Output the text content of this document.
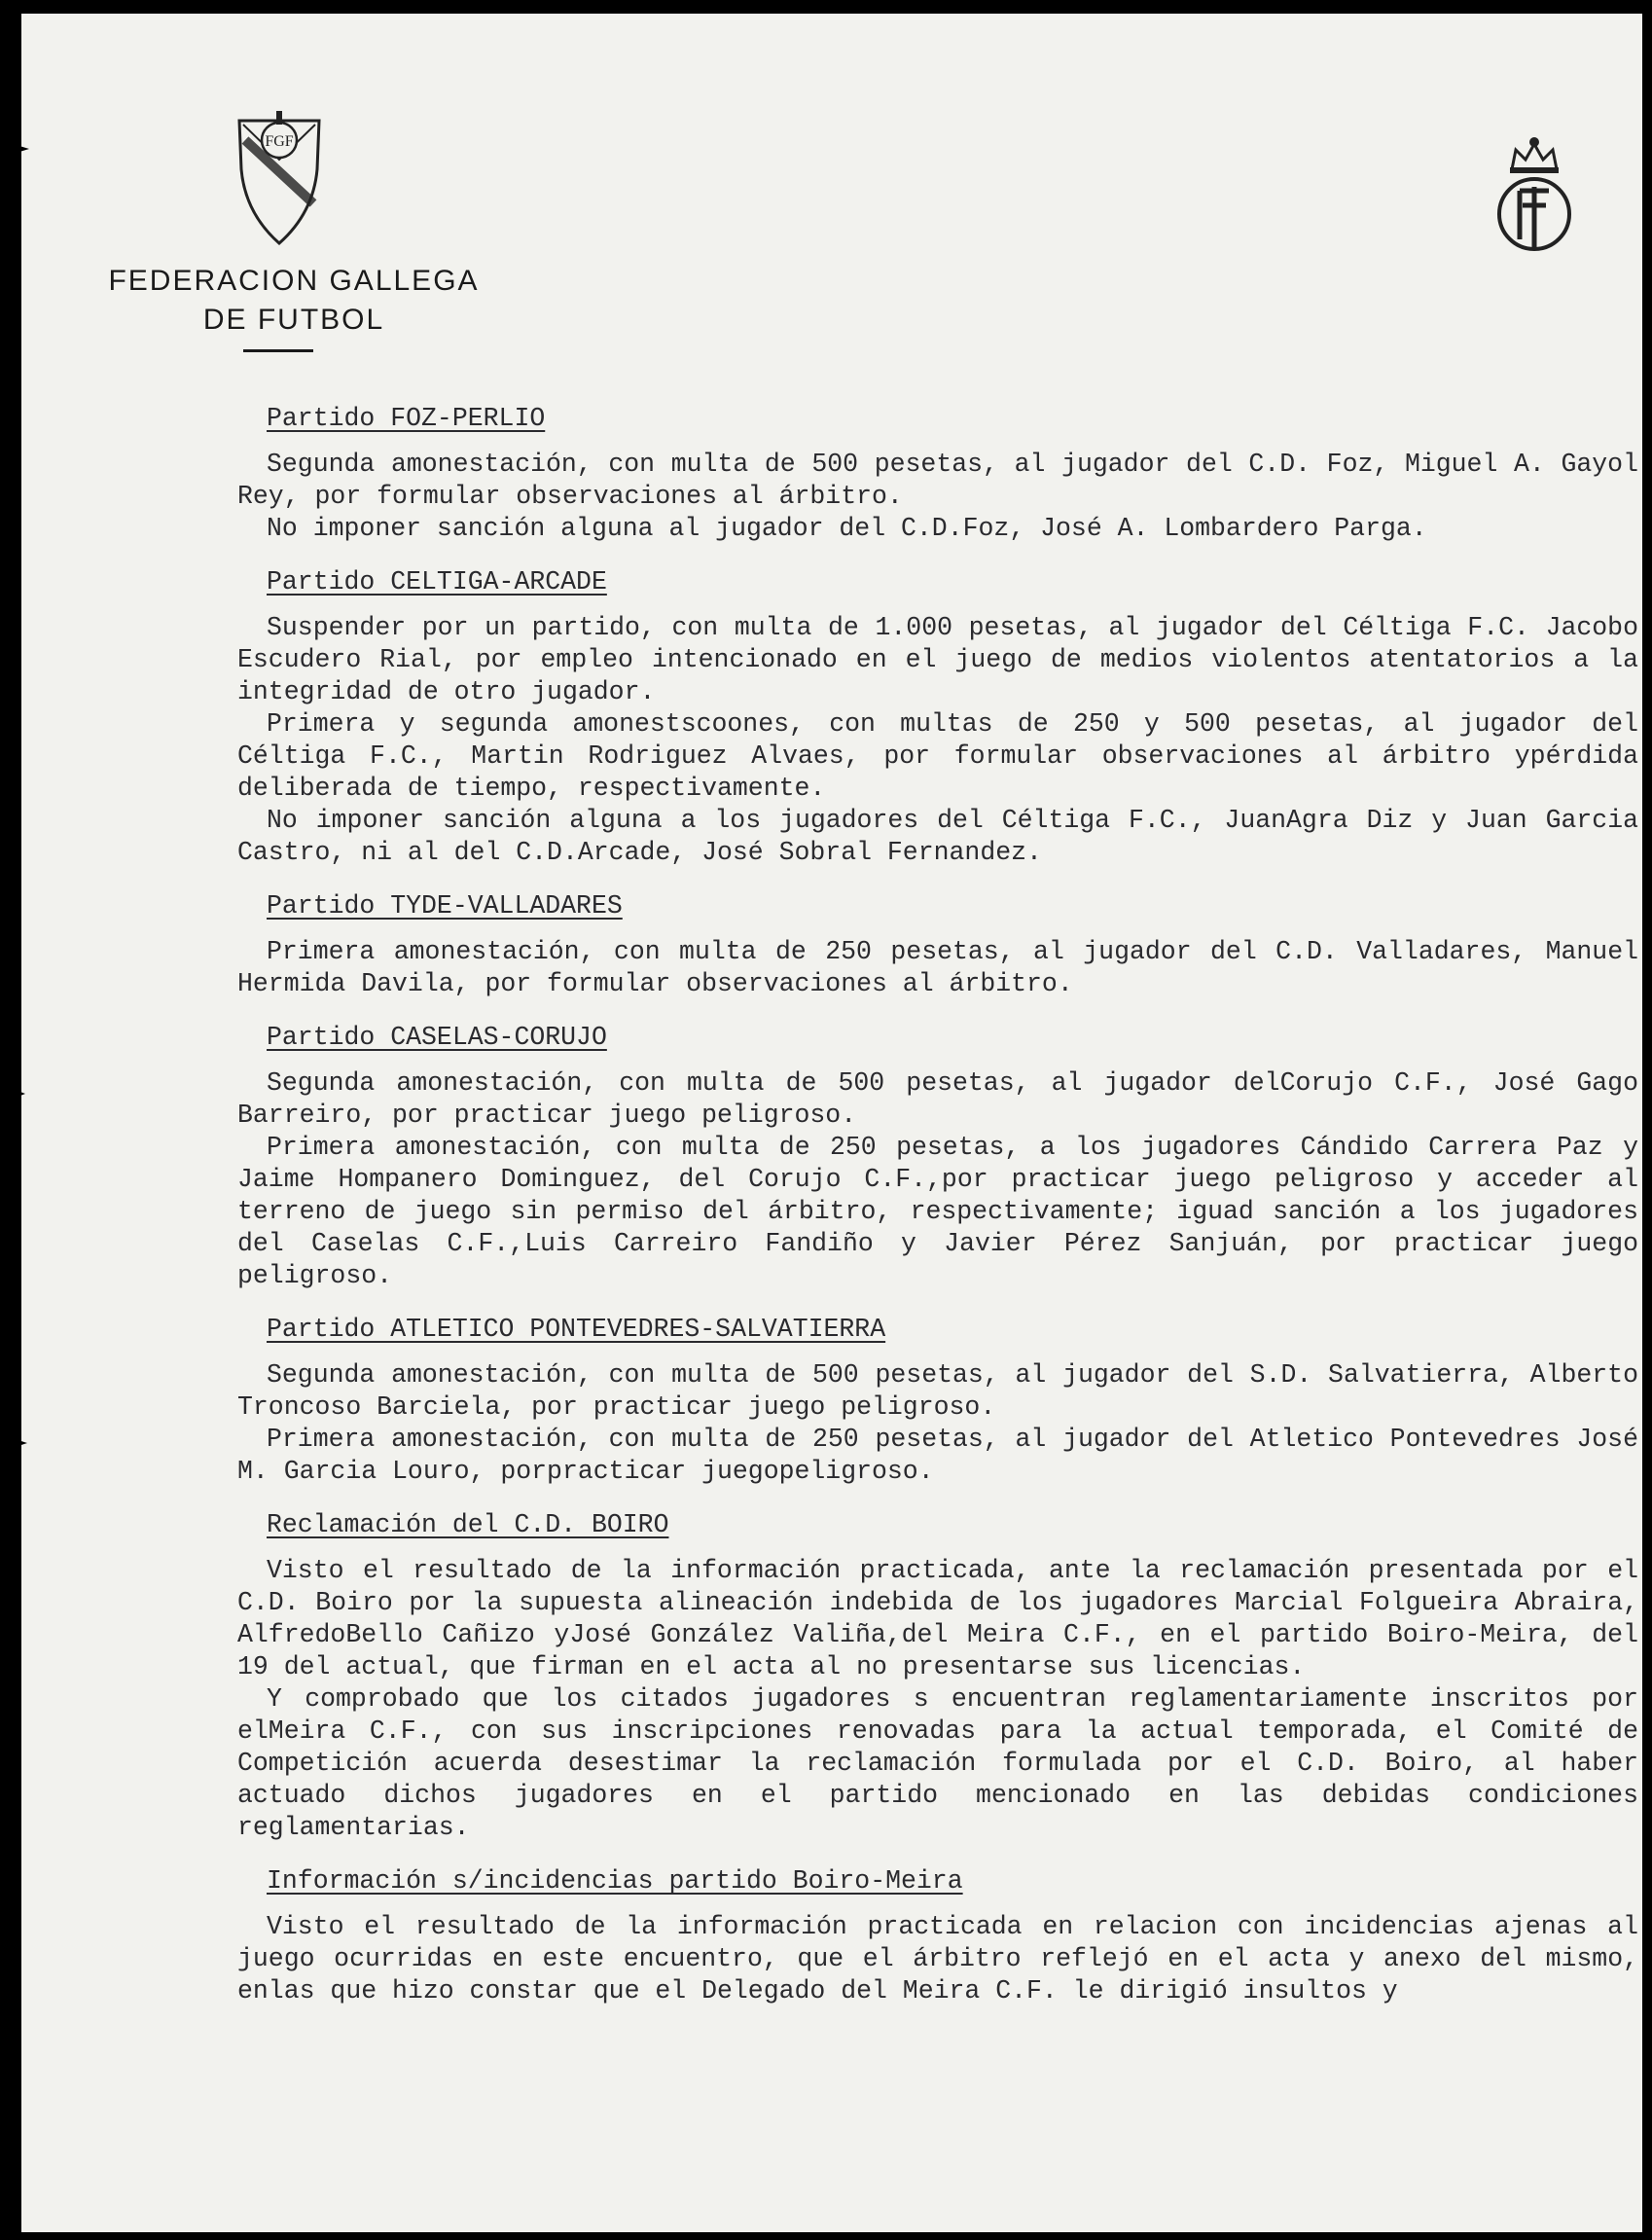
FGF
FEDERACION GALLEGA
DE FUTBOL
Partido FOZ-PERLIO

Segunda amonestación, con multa de 500 pesetas, al jugador del C.D. Foz, Miguel A. Gayol Rey, por formular observaciones al árbitro.

No imponer sanción alguna al jugador del C.D.Foz, José A. Lombardero Parga.

Partido CELTIGA-ARCADE

Suspender por un partido, con multa de 1.000 pesetas, al jugador del Céltiga F.C. Jacobo Escudero Rial, por empleo intencionado en el juego de medios violentos atentatorios a la integridad de otro jugador.

Primera y segunda amonestscoones, con multas de 250 y 500 pesetas, al jugador del Céltiga F.C., Martin Rodriguez Alvaes, por formular observaciones al árbitro ypérdida deliberada de tiempo, respectivamente.

No imponer sanción alguna a los jugadores del Céltiga F.C., JuanAgra Diz y Juan Garcia Castro, ni al del C.D.Arcade, José Sobral Fernandez.

Partido TYDE-VALLADARES

Primera amonestación, con multa de 250 pesetas, al jugador del C.D. Valladares, Manuel Hermida Davila, por formular observaciones al árbitro.

Partido CASELAS-CORUJO

Segunda amonestación, con multa de 500 pesetas, al jugador delCorujo C.F., José Gago Barreiro, por practicar juego peligroso.

Primera amonestación, con multa de 250 pesetas, a los jugadores Cándido Carrera Paz y Jaime Hompanero Dominguez, del Corujo C.F.,por practicar juego peligroso y acceder al terreno de juego sin permiso del árbitro, respectivamente; iguad sanción a los jugadores del Caselas C.F.,Luis Carreiro Fandiño y Javier Pérez Sanjuán, por practicar juego peligroso.

Partido ATLETICO PONTEVEDRES-SALVATIERRA

Segunda amonestación, con multa de 500 pesetas, al jugador del S.D. Salvatierra, Alberto Troncoso Barciela, por practicar juego peligroso.

Primera amonestación, con multa de 250 pesetas, al jugador del Atletico Pontevedres José M. Garcia Louro, porpracticar juegopeligroso.

Reclamación del C.D. BOIRO

Visto el resultado de la información practicada, ante la reclamación presentada por el C.D. Boiro por la supuesta alineación indebida de los jugadores Marcial Folgueira Abraira, AlfredoBello Cañizo yJosé González Valiña,del Meira C.F., en el partido Boiro-Meira, del 19 del actual, que firman en el acta al no presentarse sus licencias.

Y comprobado que los citados jugadores s encuentran reglamentariamente inscritos por elMeira C.F., con sus inscripciones renovadas para la actual temporada, el Comité de Competición acuerda desestimar la reclamación formulada por el C.D. Boiro, al haber actuado dichos jugadores en el partido mencionado en las debidas condiciones reglamentarias.

Información s/incidencias partido Boiro-Meira

Visto el resultado de la información practicada en relacion con incidencias ajenas al juego ocurridas en este encuentro, que el árbitro reflejó en el acta y anexo del mismo, enlas que hizo constar que el Delegado del Meira C.F. le dirigió insultos y
